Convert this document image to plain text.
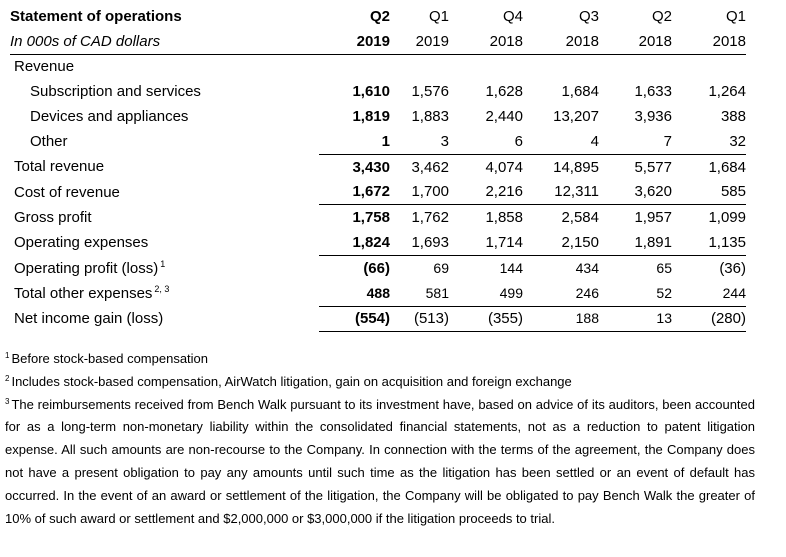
Statement of operations	Q2	Q1	Q4	Q3	Q2	Q1
In 000s of CAD dollars	2019	2019	2018	2018	2018	2018
Revenue						
Subscription and services	1,610	1,576	1,628	1,684	1,633	1,264
Devices and appliances	1,819	1,883	2,440	13,207	3,936	388
Other	1	3	6	4	7	32
Total revenue	3,430	3,462	4,074	14,895	5,577	1,684
Cost of revenue	1,672	1,700	2,216	12,311	3,620	585
Gross profit	1,758	1,762	1,858	2,584	1,957	1,099
Operating expenses	1,824	1,693	1,714	2,150	1,891	1,135
Operating profit (loss) $^1$	(66)	69	144	434	65	(36)
Total other expenses $^{2, 3}$	488	581	499	246	52	244
Net income gain (loss)	(554)	(513)	(355)	188	13	(280)

$^1$ Before stock-based compensation

$^2$ Includes stock-based compensation, AirWatch litigation, gain on acquisition and foreign exchange

$^3$ The reimbursements received from Bench Walk pursuant to its investment have, based on advice of its auditors, been accounted for as a long-term non-monetary liability within the consolidated financial statements, not as a reduction to patent litigation expense. All such amounts are non-recourse to the Company. In connection with the terms of the agreement, the Company does not have a present obligation to pay any amounts until such time as the litigation has been settled or an event of default has occurred. In the event of an award or settlement of the litigation, the Company will be obligated to pay Bench Walk the greater of 10% of such award or settlement and $2,000,000 or $3,000,000 if the litigation proceeds to trial.
